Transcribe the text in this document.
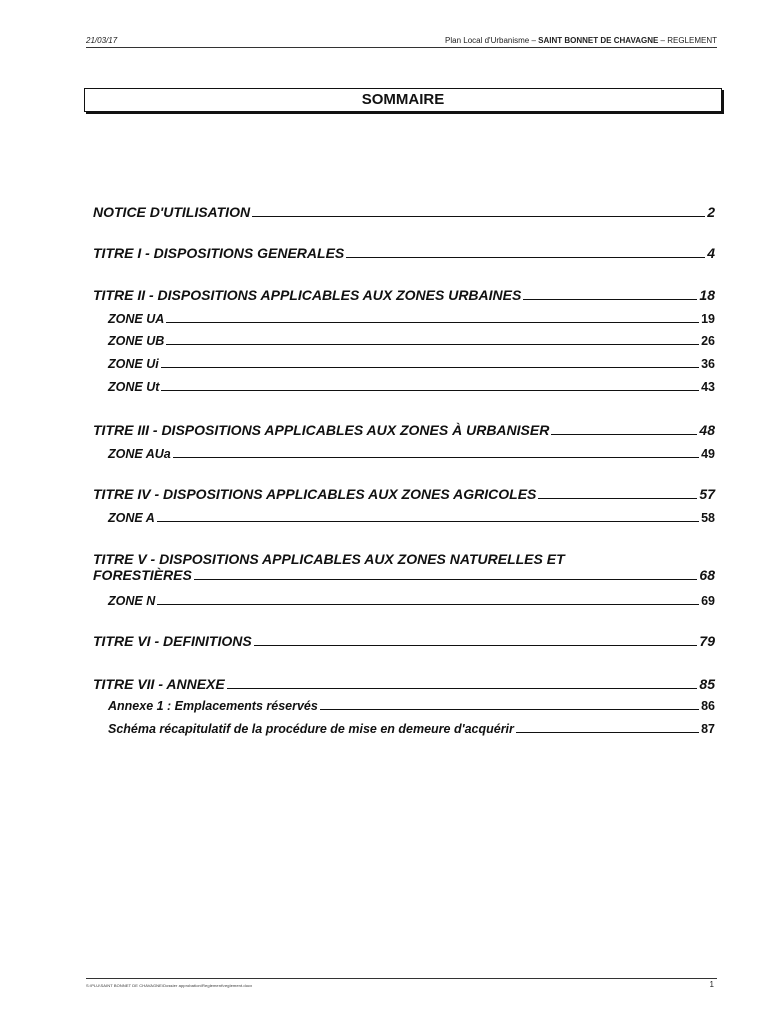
21/03/17	Plan Local d'Urbanisme – SAINT BONNET DE CHAVAGNE – REGLEMENT
SOMMAIRE
NOTICE D'UTILISATION	2
TITRE I - DISPOSITIONS GENERALES	4
TITRE II - DISPOSITIONS APPLICABLES AUX ZONES URBAINES	18
ZONE UA	19
ZONE UB	26
ZONE Ui	36
ZONE Ut	43
TITRE III - DISPOSITIONS APPLICABLES AUX ZONES À URBANISER	48
ZONE AUa	49
TITRE IV - DISPOSITIONS APPLICABLES AUX ZONES AGRICOLES	57
ZONE A	58
TITRE V - DISPOSITIONS APPLICABLES AUX ZONES NATURELLES ET
FORESTIÈRES	68
ZONE N	69
TITRE VI - DEFINITIONS	79
TITRE VII - ANNEXE	85
Annexe 1 : Emplacements réservés	86
Schéma récapitulatif de la procédure de mise en demeure d'acquérir	87
S:\PLU\SAINT BONNET DE CHAVAGNE\Dossier approbation\Reglement\reglement.docx	1
